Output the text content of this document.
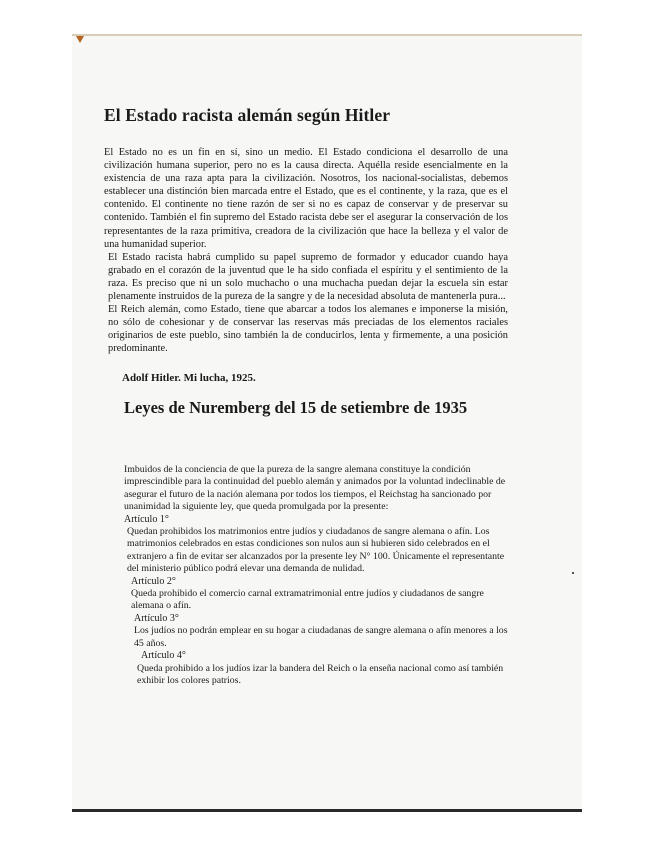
El Estado racista alemán según Hitler

El Estado no es un fin en sí, sino un medio. El Estado condiciona el desarrollo de una civilización humana superior, pero no es la causa directa. Aquélla reside esencialmente en la existencia de una raza apta para la civilización. Nosotros, los nacional-socialistas, debemos establecer una distinción bien marcada entre el Estado, que es el continente, y la raza, que es el contenido. El continente no tiene razón de ser si no es capaz de conservar y de preservar su contenido. También el fin supremo del Estado racista debe ser el asegurar la conservación de los representantes de la raza primitiva, creadora de la civilización que hace la belleza y el valor de una humanidad superior.

El Estado racista habrá cumplido su papel supremo de formador y educador cuando haya grabado en el corazón de la juventud que le ha sido confiada el espíritu y el sentimiento de la raza. Es preciso que ni un solo muchacho o una muchacha puedan dejar la escuela sin estar plenamente instruidos de la pureza de la sangre y de la necesidad absoluta de mantenerla pura...

El Reich alemán, como Estado, tiene que abarcar a todos los alemanes e imponerse la misión, no sólo de cohesionar y de conservar las reservas más preciadas de los elementos raciales originarios de este pueblo, sino también la de conducirlos, lenta y firmemente, a una posición predominante.

Adolf Hitler. Mi lucha, 1925.
Leyes de Nuremberg del 15 de setiembre de 1935

Imbuidos de la conciencia de que la pureza de la sangre alemana constituye la condición imprescindible para la continuidad del pueblo alemán y animados por la voluntad indeclinable de asegurar el futuro de la nación alemana por todos los tiempos, el Reichstag ha sancionado por unanimidad la siguiente ley, que queda promulgada por la presente:

Artículo 1°

Quedan prohibidos los matrimonios entre judíos y ciudadanos de sangre alemana o afín. Los matrimonios celebrados en estas condiciones son nulos aun si hubieren sido celebrados en el extranjero a fin de evitar ser alcanzados por la presente ley N° 100. Únicamente el representante del ministerio público podrá elevar una demanda de nulidad.

Artículo 2°

Queda prohibido el comercio carnal extramatrimonial entre judíos y ciudadanos de sangre alemana o afín.

Artículo 3°

Los judíos no podrán emplear en su hogar a ciudadanas de sangre alemana o afín menores a los 45 años.

Artículo 4°

Queda prohibido a los judíos izar la bandera del Reich o la enseña nacional como así también exhibir los colores patrios.
